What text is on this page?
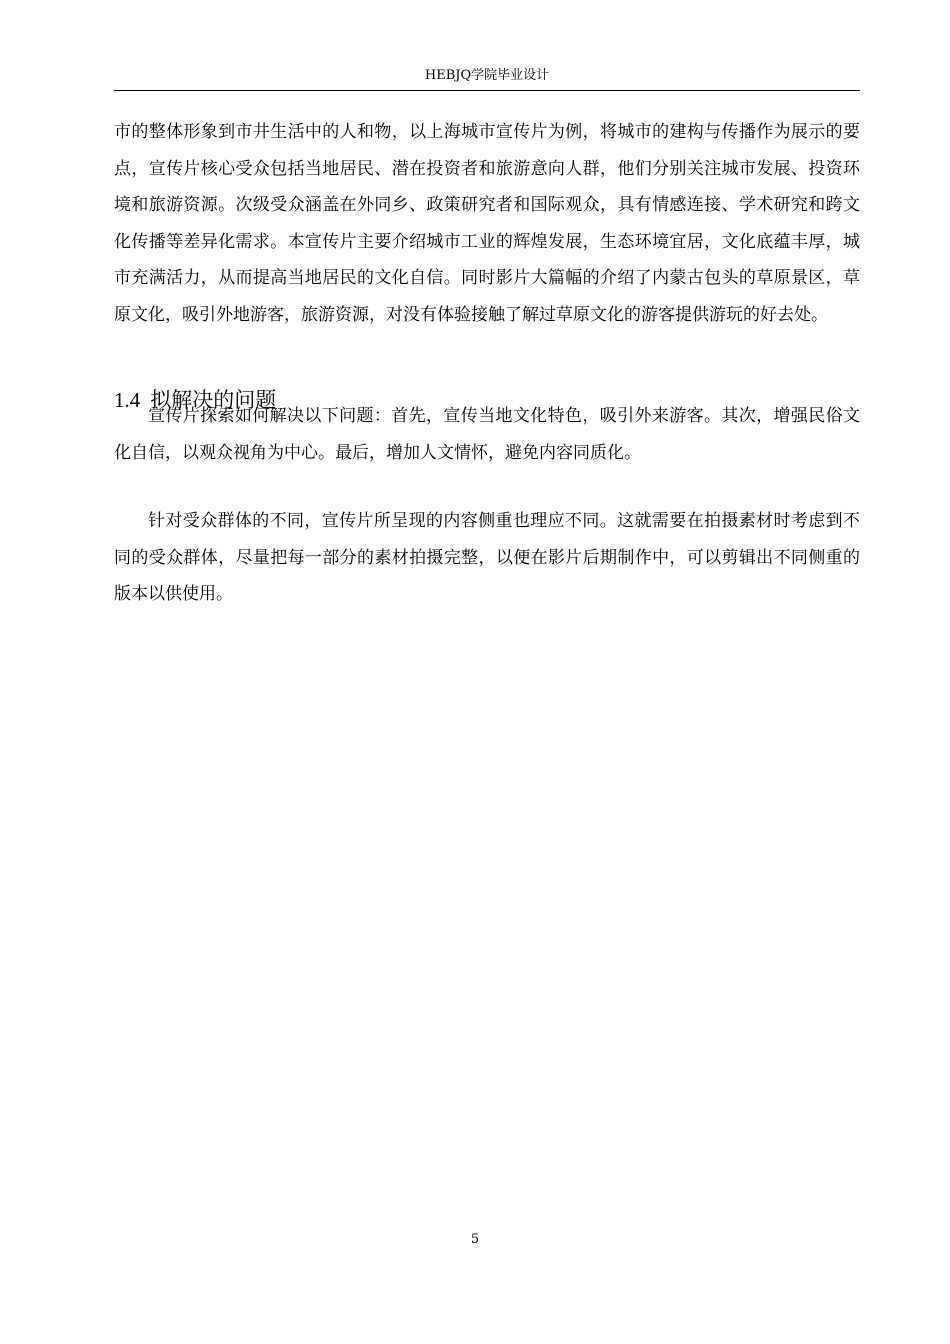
HEBJQ学院毕业设计

市的整体形象到市井生活中的人和物，以上海城市宣传片为例，将城市的建构与传播作为展示的要点，宣传片核心受众包括当地居民、潜在投资者和旅游意向人群，他们分别关注城市发展、投资环境和旅游资源。次级受众涵盖在外同乡、政策研究者和国际观众，具有情感连接、学术研究和跨文化传播等差异化需求。本宣传片主要介绍城市工业的辉煌发展，生态环境宜居，文化底蕴丰厚，城市充满活力，从而提高当地居民的文化自信。同时影片大篇幅的介绍了内蒙古包头的草原景区，草原文化，吸引外地游客，旅游资源，对没有体验接触了解过草原文化的游客提供游玩的好去处。

1.4 拟解决的问题

宣传片探索如何解决以下问题：首先，宣传当地文化特色，吸引外来游客。其次，增强民俗文化自信，以观众视角为中心。最后，增加人文情怀，避免内容同质化。

针对受众群体的不同，宣传片所呈现的内容侧重也理应不同。这就需要在拍摄素材时考虑到不同的受众群体，尽量把每一部分的素材拍摄完整，以便在影片后期制作中，可以剪辑出不同侧重的版本以供使用。

5
